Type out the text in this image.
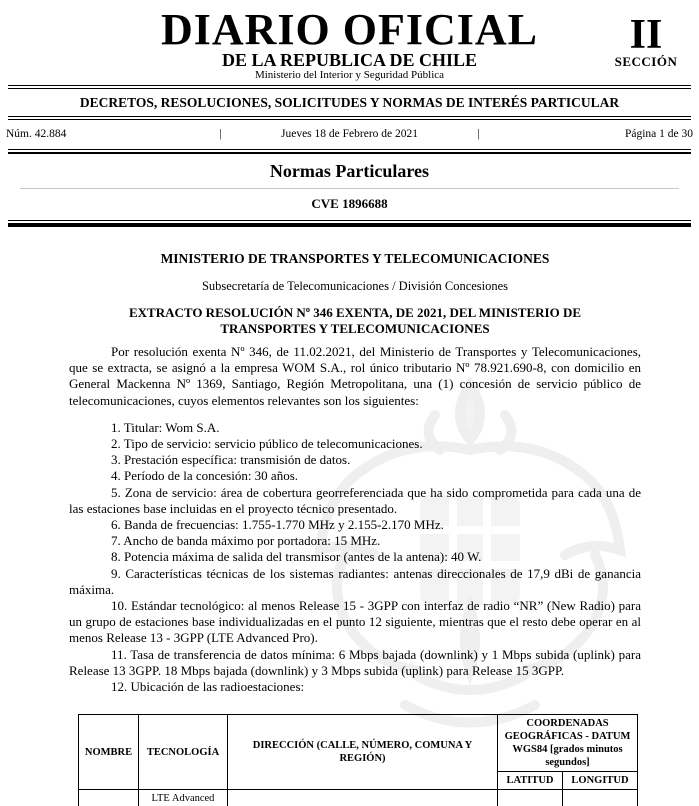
DIARIO OFICIAL
DE LA REPUBLICA DE CHILE
Ministerio del Interior y Seguridad Pública
II
SECCIÓN
DECRETOS, RESOLUCIONES, SOLICITUDES Y NORMAS DE INTERÉS PARTICULAR
Núm. 42.884	|	Jueves 18 de Febrero de 2021	|	Página 1 de 30
Normas Particulares
CVE 1896688
MINISTERIO DE TRANSPORTES Y TELECOMUNICACIONES
Subsecretaría de Telecomunicaciones / División Concesiones
EXTRACTO RESOLUCIÓN Nº 346 EXENTA, DE 2021, DEL MINISTERIO DE TRANSPORTES Y TELECOMUNICACIONES

Por resolución exenta Nº 346, de 11.02.2021, del Ministerio de Transportes y Telecomunicaciones, que se extracta, se asignó a la empresa WOM S.A., rol único tributario Nº 78.921.690-8, con domicilio en General Mackenna Nº 1369, Santiago, Región Metropolitana, una (1) concesión de servicio público de telecomunicaciones, cuyos elementos relevantes son los siguientes:

1. Titular: Wom S.A.

2. Tipo de servicio: servicio público de telecomunicaciones.

3. Prestación específica: transmisión de datos.

4. Período de la concesión: 30 años.

5. Zona de servicio: área de cobertura georreferenciada que ha sido comprometida para cada una de las estaciones base incluidas en el proyecto técnico presentado.

6. Banda de frecuencias: 1.755-1.770 MHz y 2.155-2.170 MHz.

7. Ancho de banda máximo por portadora: 15 MHz.

8. Potencia máxima de salida del transmisor (antes de la antena): 40 W.

9. Características técnicas de los sistemas radiantes: antenas direccionales de 17,9 dBi de ganancia máxima.

10. Estándar tecnológico: al menos Release 15 - 3GPP con interfaz de radio “NR” (New Radio) para un grupo de estaciones base individualizadas en el punto 12 siguiente, mientras que el resto debe operar en al menos Release 13 - 3GPP (LTE Advanced Pro).

11. Tasa de transferencia de datos mínima: 6 Mbps bajada (downlink) y 1 Mbps subida (uplink) para Release 13 3GPP. 18 Mbps bajada (downlink) y 3 Mbps subida (uplink) para Release 15 3GPP.

12. Ubicación de las radioestaciones:

NOMBRE	TECNOLOGÍA	DIRECCIÓN (CALLE, NÚMERO, COMUNA Y REGIÓN)	COORDENADAS GEOGRÁFICAS - DATUM WGS84 [grados minutos segundos]	
			LATITUD	LONGITUD
	LTE Advanced			
